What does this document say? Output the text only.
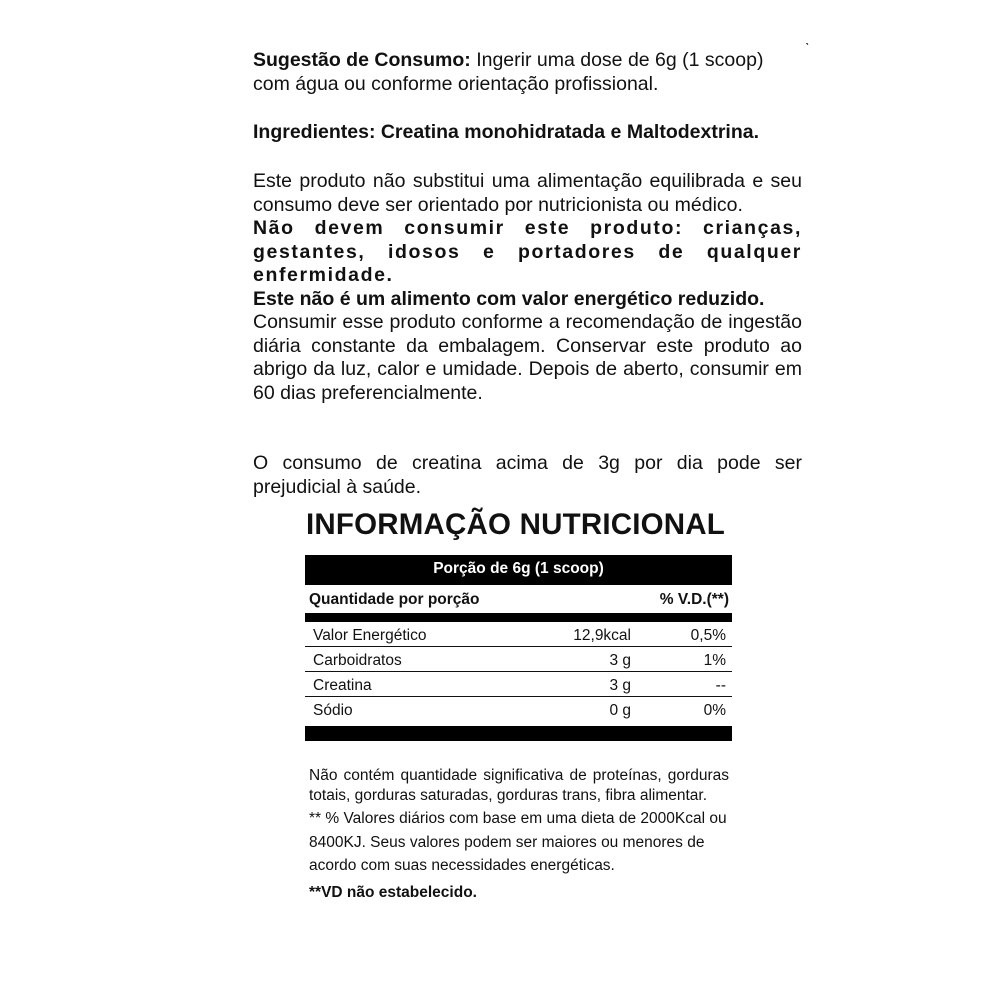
ˋ

Sugestão de Consumo: Ingerir uma dose de 6g (1 scoop) com água ou conforme orientação profissional.

Ingredientes: Creatina monohidratada e Maltodextrina.

Este produto não substitui uma alimentação equilibrada e seu consumo deve ser orientado por nutricionista ou médico.

Não devem consumir este produto: crianças, gestantes, idosos e portadores de qualquer enfermidade.

Este não é um alimento com valor energético reduzido.

Consumir esse produto conforme a recomendação de ingestão diária constante da embalagem. Conservar este produto ao abrigo da luz, calor e umidade. Depois de aberto, consumir em 60 dias preferencialmente.

O consumo de creatina acima de 3g por dia pode ser prejudicial à saúde.

INFORMAÇÃO NUTRICIONAL
Porção de 6g (1 scoop)
Quantidade por porção	% V.D.(**)
Valor Energético	12,9kcal	0,5%
Carboidratos	3 g	1%
Creatina	3 g	--
Sódio	0 g	0%

Não contém quantidade significativa de proteínas, gorduras totais, gorduras saturadas, gorduras trans, fibra alimentar.

** % Valores diários com base em uma dieta de 2000Kcal ou 8400KJ. Seus valores podem ser maiores ou menores de acordo com suas necessidades energéticas.

**VD não estabelecido.
